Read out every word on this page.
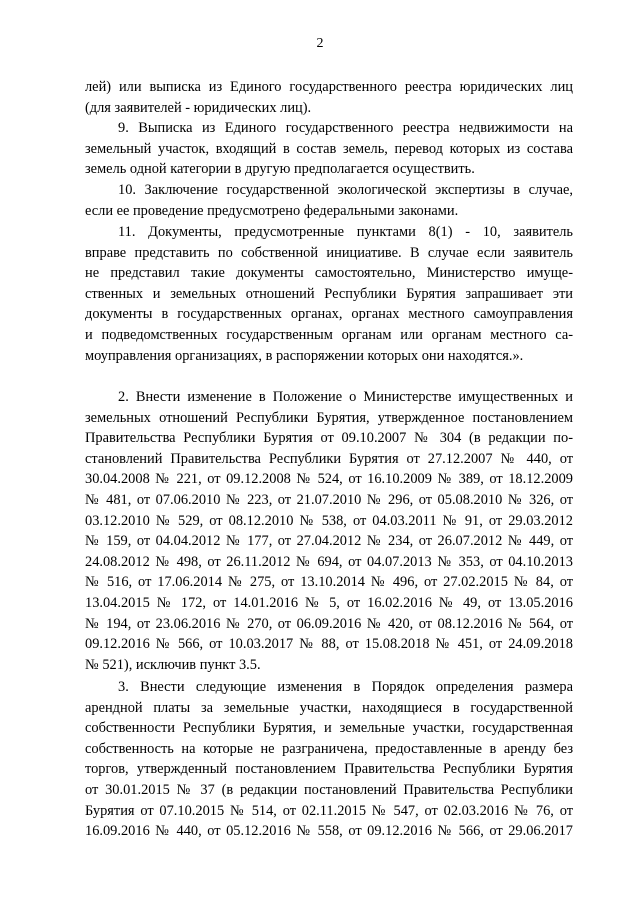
2
лей) или выписка из Единого государственного реестра юридических лиц
(для заявителей - юридических лиц).
9. Выписка из Единого государственного реестра недвижимости на
земельный участок, входящий в состав земель, перевод которых из состава
земель одной категории в другую предполагается осуществить.
10. Заключение государственной экологической экспертизы в случае,
если ее проведение предусмотрено федеральными законами.
11. Документы, предусмотренные пунктами 8(1) - 10, заявитель
вправе представить по собственной инициативе. В случае если заявитель
не представил такие документы самостоятельно, Министерство имуще-
ственных и земельных отношений Республики Бурятия запрашивает эти
документы в государственных органах, органах местного самоуправления
и подведомственных государственным органам или органам местного са-
моуправления организациях, в распоряжении которых они находятся.».
2. Внести изменение в Положение о Министерстве имущественных и
земельных отношений Республики Бурятия, утвержденное постановлением
Правительства Республики Бурятия от 09.10.2007 № 304 (в редакции по-
становлений Правительства Республики Бурятия от 27.12.2007 № 440, от
30.04.2008 № 221, от 09.12.2008 № 524, от 16.10.2009 № 389, от 18.12.2009
№ 481, от 07.06.2010 № 223, от 21.07.2010 № 296, от 05.08.2010 № 326, от
03.12.2010 № 529, от 08.12.2010 № 538, от 04.03.2011 № 91, от 29.03.2012
№ 159, от 04.04.2012 № 177, от 27.04.2012 № 234, от 26.07.2012 № 449, от
24.08.2012 № 498, от 26.11.2012 № 694, от 04.07.2013 № 353, от 04.10.2013
№ 516, от 17.06.2014 № 275, от 13.10.2014 № 496, от 27.02.2015 № 84, от
13.04.2015 № 172, от 14.01.2016 № 5, от 16.02.2016 № 49, от 13.05.2016
№ 194, от 23.06.2016 № 270, от 06.09.2016 № 420, от 08.12.2016 № 564, от
09.12.2016 № 566, от 10.03.2017 № 88, от 15.08.2018 № 451, от 24.09.2018
№ 521), исключив пункт 3.5.
3. Внести следующие изменения в Порядок определения размера
арендной платы за земельные участки, находящиеся в государственной
собственности Республики Бурятия, и земельные участки, государственная
собственность на которые не разграничена, предоставленные в аренду без
торгов, утвержденный постановлением Правительства Республики Бурятия
от 30.01.2015 № 37 (в редакции постановлений Правительства Республики
Бурятия от 07.10.2015 № 514, от 02.11.2015 № 547, от 02.03.2016 № 76, от
16.09.2016 № 440, от 05.12.2016 № 558, от 09.12.2016 № 566, от 29.06.2017
